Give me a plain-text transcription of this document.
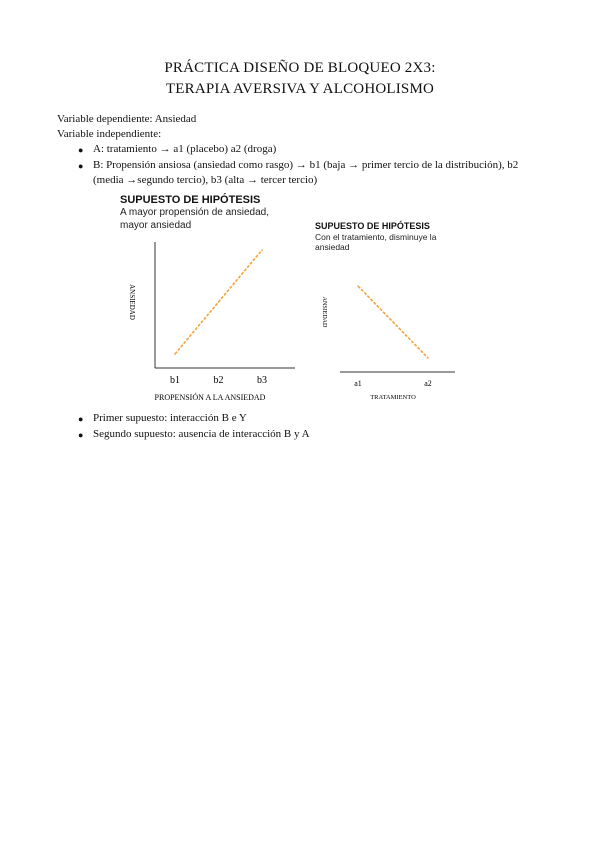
PRÁCTICA DISEÑO DE BLOQUEO 2X3:
TERAPIA AVERSIVA Y ALCOHOLISMO
Variable dependiente: Ansiedad
Variable independiente:
● A: tratamiento → a1 (placebo) a2 (droga)
● B: Propensión ansiosa (ansiedad como rasgo) → b1 (baja → primer tercio de la distribución), b2
(media →segundo tercio), b3 (alta → tercer tercio)
SUPUESTO DE HIPÓTESIS
A mayor propensión de ansiedad,
mayor ansiedad
b1	b2	b3
ANSIEDAD
PROPENSIÓN A LA ANSIEDAD
SUPUESTO DE HIPÓTESIS
Con el tratamiento, disminuye la
ansiedad
a1	a2
ANSIEDAD
TRATAMIENTO
● Primer supuesto: interacción B e Y
● Segundo supuesto: ausencia de interacción B y A
